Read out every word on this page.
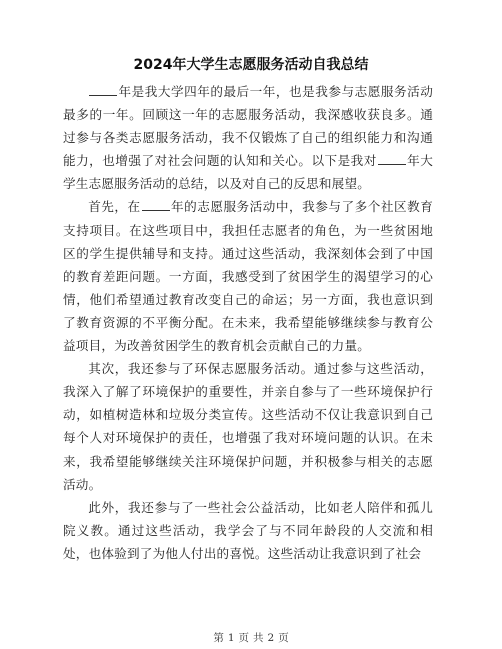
2024年大学生志愿服务活动自我总结

年是我大学四年的最后一年，也是我参与志愿服务活动最多的一年。回顾这一年的志愿服务活动，我深感收获良多。通过参与各类志愿服务活动，我不仅锻炼了自己的组织能力和沟通能力，也增强了对社会问题的认知和关心。以下是我对 年大学生志愿服务活动的总结，以及对自己的反思和展望。

首先，在 年的志愿服务活动中，我参与了多个社区教育支持项目。在这些项目中，我担任志愿者的角色，为一些贫困地区的学生提供辅导和支持。通过这些活动，我深刻体会到了中国的教育差距问题。一方面，我感受到了贫困学生的渴望学习的心情，他们希望通过教育改变自己的命运；另一方面，我也意识到了教育资源的不平衡分配。在未来，我希望能够继续参与教育公益项目，为改善贫困学生的教育机会贡献自己的力量。

其次，我还参与了环保志愿服务活动。通过参与这些活动，我深入了解了环境保护的重要性，并亲自参与了一些环境保护行动，如植树造林和垃圾分类宣传。这些活动不仅让我意识到自己每个人对环境保护的责任，也增强了我对环境问题的认识。在未来，我希望能够继续关注环境保护问题，并积极参与相关的志愿活动。

此外，我还参与了一些社会公益活动，比如老人陪伴和孤儿院义教。通过这些活动，我学会了与不同年龄段的人交流和相处，也体验到了为他人付出的喜悦。这些活动让我意识到了社会

第 1 页 共 2 页
